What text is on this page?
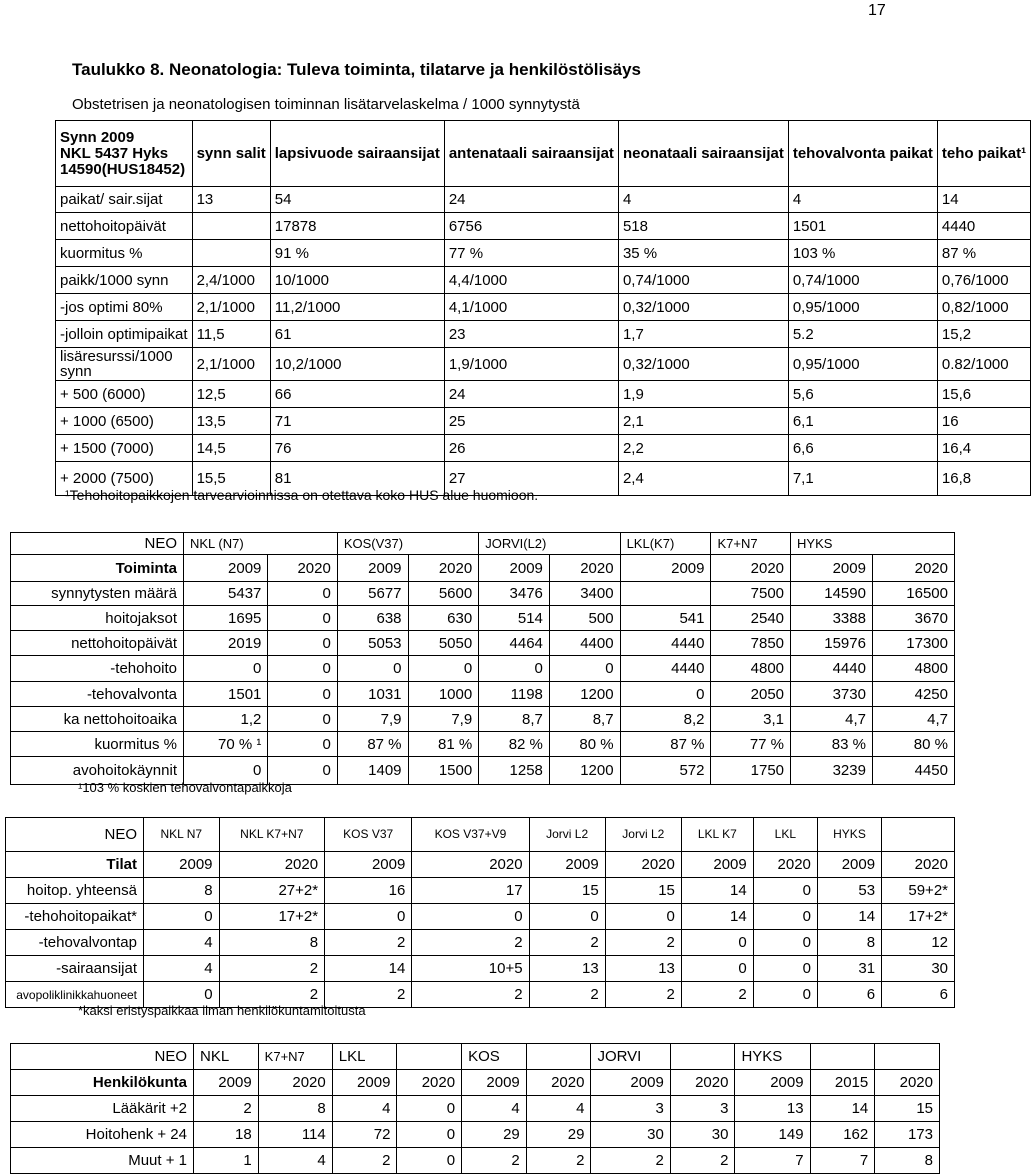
17
Taulukko 8. Neonatologia: Tuleva toiminta, tilatarve ja henkilöstölisäys
Obstetrisen ja neonatologisen toiminnan lisätarvelaskelma / 1000 synnytystä
Synn 2009
NKL 5437 Hyks
14590(HUS18452)	synn salit	lapsivuode sairaansijat	antenataali sairaansijat	neonataali sairaansijat	tehovalvonta paikat	teho paikat¹
paikat/ sair.sijat	13	54	24	4	4	14
nettohoitopäivät		17878	6756	518	1501	4440
kuormitus %		91 %	77 %	35 %	103 %	87 %
paikk/1000 synn	2,4/1000	10/1000	4,4/1000	0,74/1000	0,74/1000	0,76/1000
-jos optimi 80%	2,1/1000	11,2/1000	4,1/1000	0,32/1000	0,95/1000	0,82/1000
-jolloin optimipaikat	11,5	61	23	1,7	5.2	15,2
lisäresurssi/1000 synn	2,1/1000	10,2/1000	1,9/1000	0,32/1000	0,95/1000	0.82/1000
+ 500 (6000)	12,5	66	24	1,9	5,6	15,6
+ 1000 (6500)	13,5	71	25	2,1	6,1	16
+ 1500 (7000)	14,5	76	26	2,2	6,6	16,4
+ 2000 (7500)	15,5	81	27	2,4	7,1	16,8
¹Tehohoitopaikkojen tarvearvioinnissa on otettava koko HUS alue huomioon.
NEO	NKL (N7)		KOS(V37)		JORVI(L2)		LKL(K7)	K7+N7	HYKS	
Toiminta	2009	2020	2009	2020	2009	2020	2009	2020	2009	2020
synnytysten määrä	5437	0	5677	5600	3476	3400		7500	14590	16500
hoitojaksot	1695	0	638	630	514	500	541	2540	3388	3670
nettohoitopäivät	2019	0	5053	5050	4464	4400	4440	7850	15976	17300
-tehohoito	0	0	0	0	0	0	4440	4800	4440	4800
-tehovalvonta	1501	0	1031	1000	1198	1200	0	2050	3730	4250
ka nettohoitoaika	1,2	0	7,9	7,9	8,7	8,7	8,2	3,1	4,7	4,7
kuormitus %	70 % ¹	0	87 %	81 %	82 %	80 %	87 %	77 %	83 %	80 %
avohoitokäynnit	0	0	1409	1500	1258	1200	572	1750	3239	4450
¹103 % koskien tehovalvontapaikkoja
NEO	NKL N7	NKL K7+N7	KOS V37	KOS V37+V9	Jorvi L2	Jorvi L2	LKL K7	LKL	HYKS	
Tilat	2009	2020	2009	2020	2009	2020	2009	2020	2009	2020
hoitop. yhteensä	8	27+2*	16	17	15	15	14	0	53	59+2*
-tehohoitopaikat*	0	17+2*	0	0	0	0	14	0	14	17+2*
-tehovalvontap	4	8	2	2	2	2	0	0	8	12
-sairaansijat	4	2	14	10+5	13	13	0	0	31	30
avopoliklinikkahuoneet	0	2	2	2	2	2	2	0	6	6
*kaksi eristyspaikkaa ilman henkilökuntamitoitusta
NEO	NKL	K7+N7	LKL		KOS		JORVI		HYKS		
Henkilökunta	2009	2020	2009	2020	2009	2020	2009	2020	2009	2015	2020
Lääkärit +2	2	8	4	0	4	4	3	3	13	14	15
Hoitohenk + 24	18	114	72	0	29	29	30	30	149	162	173
Muut + 1	1	4	2	0	2	2	2	2	7	7	8
